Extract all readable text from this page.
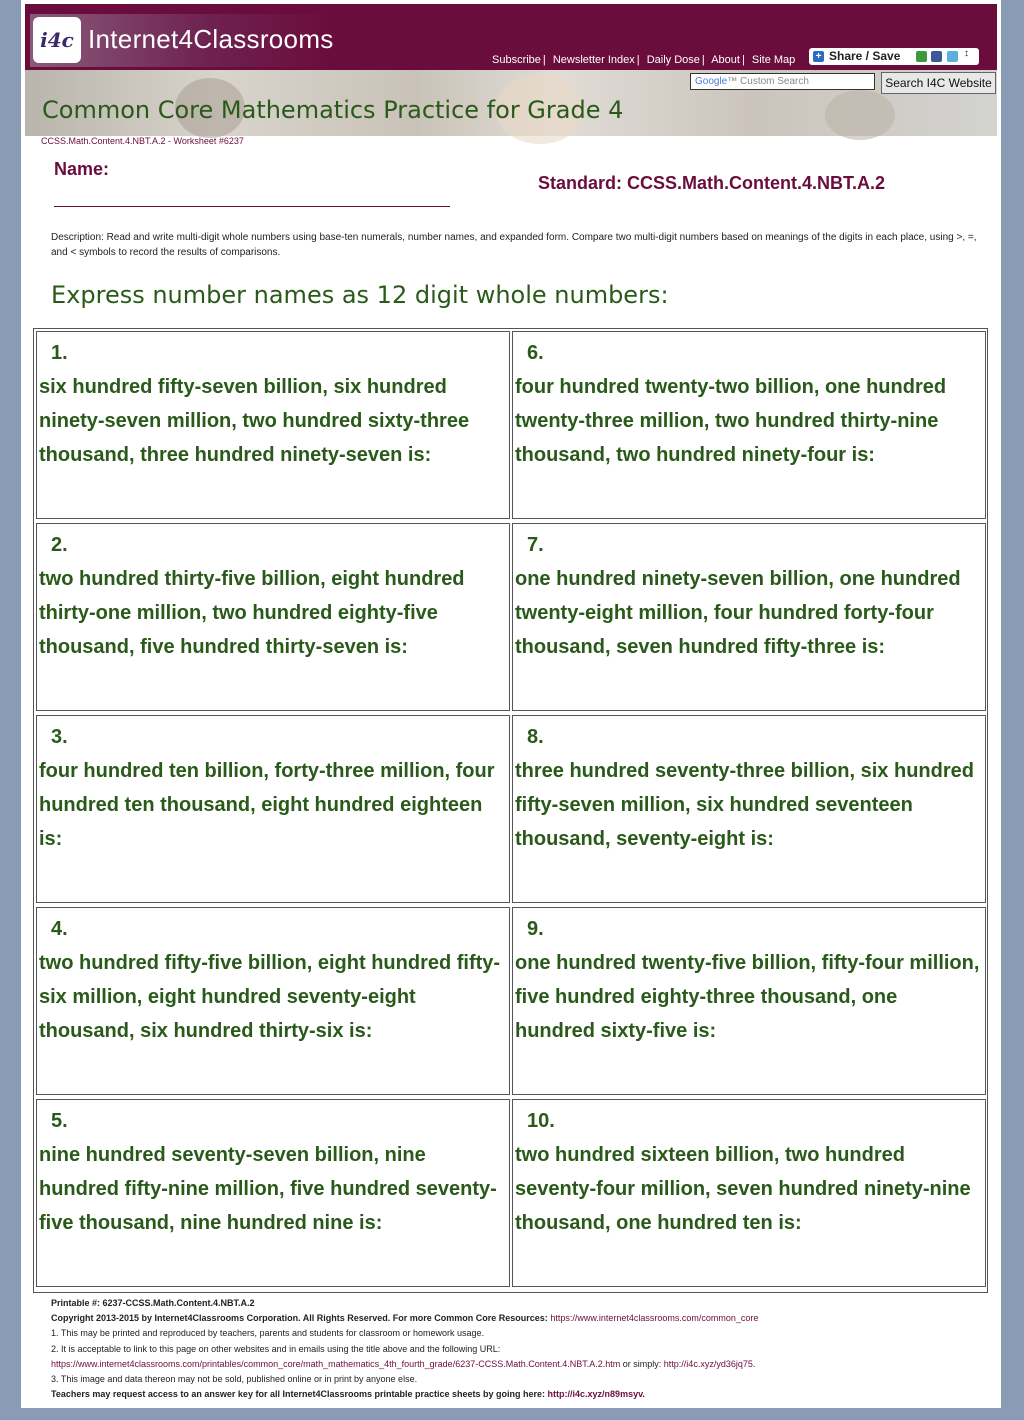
i4c Internet4Classrooms
Subscribe | Newsletter Index | Daily Dose | About | Site Map + Share / Save	↕
Google™ Custom Search	Search I4C Website
Common Core Mathematics Practice for Grade 4
CCSS.Math.Content.4.NBT.A.2 - Worksheet #6237
Name:
Standard: CCSS.Math.Content.4.NBT.A.2
Description: Read and write multi-digit whole numbers using base-ten numerals, number names, and expanded form. Compare two multi-digit numbers based on meanings of the digits in each place, using >, =, and < symbols to record the results of comparisons.
Express number names as 12 digit whole numbers:
1.
six hundred fifty-seven billion, six hundred ninety-seven million, two hundred sixty-three thousand, three hundred ninety-seven is:
2.
two hundred thirty-five billion, eight hundred thirty-one million, two hundred eighty-five thousand, five hundred thirty-seven is:
3.
four hundred ten billion, forty-three million, four hundred ten thousand, eight hundred eighteen is:
4.
two hundred fifty-five billion, eight hundred fifty-six million, eight hundred seventy-eight thousand, six hundred thirty-six is:
5.
nine hundred seventy-seven billion, nine hundred fifty-nine million, five hundred seventy-five thousand, nine hundred nine is:
6.
four hundred twenty-two billion, one hundred twenty-three million, two hundred thirty-nine thousand, two hundred ninety-four is:
7.
one hundred ninety-seven billion, one hundred twenty-eight million, four hundred forty-four thousand, seven hundred fifty-three is:
8.
three hundred seventy-three billion, six hundred fifty-seven million, six hundred seventeen thousand, seventy-eight is:
9.
one hundred twenty-five billion, fifty-four million, five hundred eighty-three thousand, one hundred sixty-five is:
10.
two hundred sixteen billion, two hundred seventy-four million, seven hundred ninety-nine thousand, one hundred ten is:
Printable #: 6237-CCSS.Math.Content.4.NBT.A.2
Copyright 2013-2015 by Internet4Classrooms Corporation. All Rights Reserved. For more Common Core Resources: https://www.internet4classrooms.com/common_core
1. This may be printed and reproduced by teachers, parents and students for classroom or homework usage.
2. It is acceptable to link to this page on other websites and in emails using the title above and the following URL:
https://www.internet4classrooms.com/printables/common_core/math_mathematics_4th_fourth_grade/6237-CCSS.Math.Content.4.NBT.A.2.htm or simply: http://i4c.xyz/yd36jq75.
3. This image and data thereon may not be sold, published online or in print by anyone else.
Teachers may request access to an answer key for all Internet4Classrooms printable practice sheets by going here: http://i4c.xyz/n89msyv.
